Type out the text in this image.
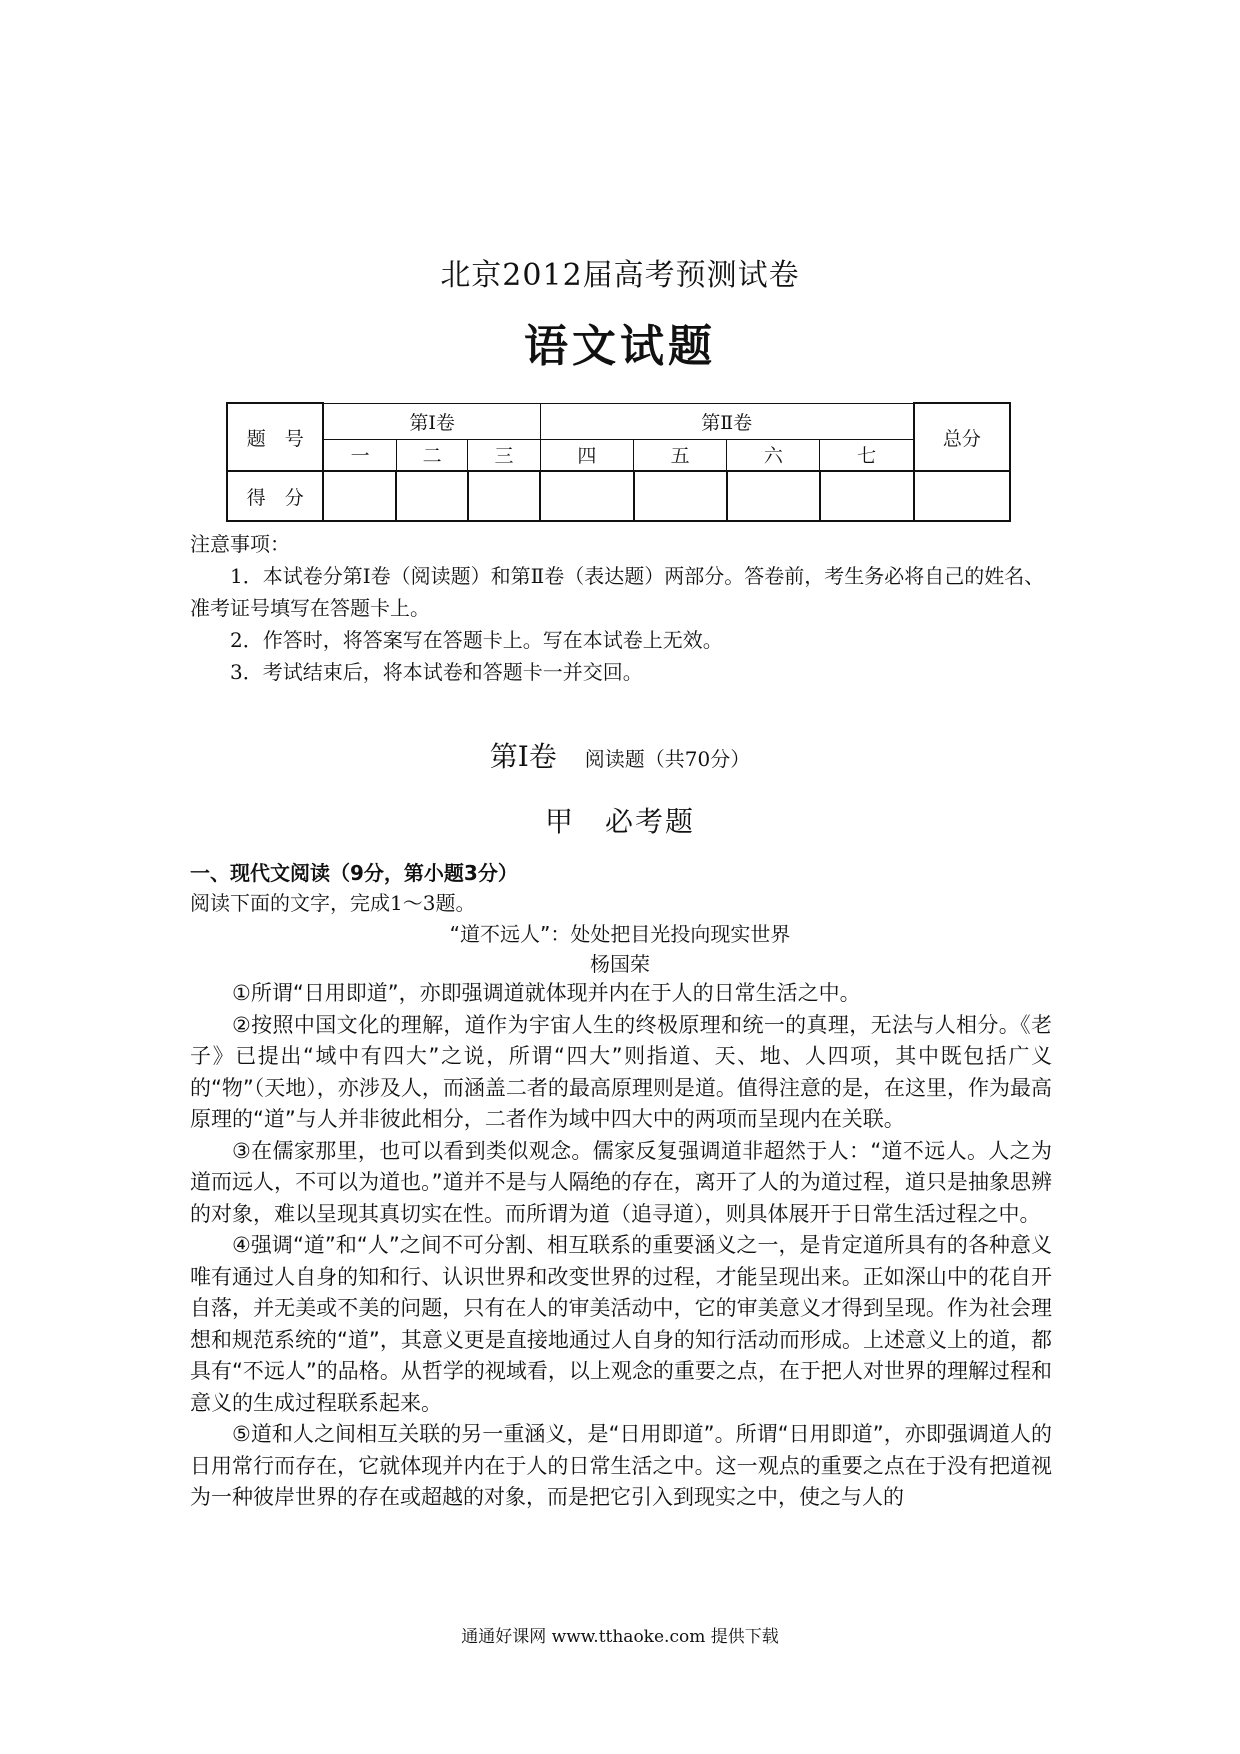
北京2012届高考预测试卷
语文试题
题　号	第Ⅰ卷			第Ⅱ卷				总分
	一	二	三	四	五	六	七	
得　分								
注意事项：
1．本试卷分第Ⅰ卷（阅读题）和第Ⅱ卷（表达题）两部分。答卷前，考生务必将自己的姓名、准考证号填写在答题卡上。
2．作答时，将答案写在答题卡上。写在本试卷上无效。
3．考试结束后，将本试卷和答题卡一并交回。
第Ⅰ卷 阅读题（共70分）
甲　必考题
一、现代文阅读（9分，第小题3分）
阅读下面的文字，完成1～3题。
“道不远人”：处处把目光投向现实世界
杨国荣

①所谓“日用即道”，亦即强调道就体现并内在于人的日常生活之中。

②按照中国文化的理解，道作为宇宙人生的终极原理和统一的真理，无法与人相分。《老子》已提出“域中有四大”之说，所谓“四大”则指道、天、地、人四项，其中既包括广义的“物”（天地），亦涉及人，而涵盖二者的最高原理则是道。值得注意的是，在这里，作为最高原理的“道”与人并非彼此相分，二者作为域中四大中的两项而呈现内在关联。

③在儒家那里，也可以看到类似观念。儒家反复强调道非超然于人：“道不远人。人之为道而远人，不可以为道也。”道并不是与人隔绝的存在，离开了人的为道过程，道只是抽象思辨的对象，难以呈现其真切实在性。而所谓为道（追寻道），则具体展开于日常生活过程之中。

④强调“道”和“人”之间不可分割、相互联系的重要涵义之一，是肯定道所具有的各种意义唯有通过人自身的知和行、认识世界和改变世界的过程，才能呈现出来。正如深山中的花自开自落，并无美或不美的问题，只有在人的审美活动中，它的审美意义才得到呈现。作为社会理想和规范系统的“道”，其意义更是直接地通过人自身的知行活动而形成。上述意义上的道，都具有“不远人”的品格。从哲学的视域看，以上观念的重要之点，在于把人对世界的理解过程和意义的生成过程联系起来。

⑤道和人之间相互关联的另一重涵义，是“日用即道”。所谓“日用即道”，亦即强调道人的日用常行而存在，它就体现并内在于人的日常生活之中。这一观点的重要之点在于没有把道视为一种彼岸世界的存在或超越的对象，而是把它引入到现实之中，使之与人的

通通好课网 www.tthaoke.com 提供下载
